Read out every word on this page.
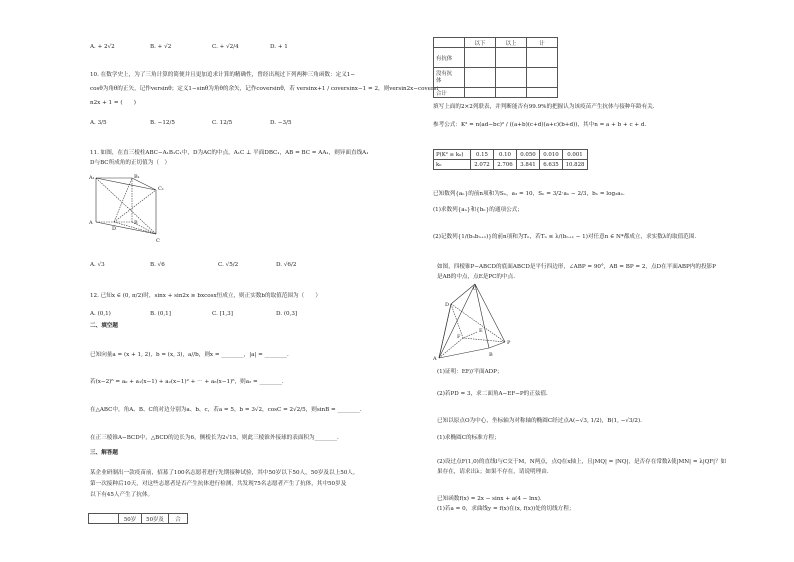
A. + 2√2	B. + √2	C. + √2/4	D. + 1
10. 在数学史上，为了三角计算的简便并且更加追求计算的精确性，曾经出现过下列两种三角函数：定义1−
cosθ为角θ的正矢，记作versinθ；定义1−sinθ为角θ的余矢，记作coversinθ，若 versinx+1 / coversinx−1 = 2，则versin2x−coversi
n2x + 1 = (　　)
A. 3/5	B. −12/5	C. 12/5	D. −3/5
11. 如图，在直三棱柱ABC−A₁B₁C₁中，D为AC的中点，A₁C ⊥ 平面DBC₁，AB = BC = AA₁，则异面直线A₁
D与BC所成角的正切值为（　）
A₁	B₁
C₁
A	B
C
D
A. √3	B. √6	C. √5/2	D. √6/2
12. 已知x ∈ (0, π/2)时，sinx + sin2x ≥ bxcosx恒成立，则正实数b的取值范围为（　　）
A. (0,1)	B. (0,1]	C. [1,3]	D. (0,3]
二、填空题
已知向量a = (x + 1, 2)，b = (x, 3)，a//b，则x = ________，|a| = ________.
若(x−2)⁶ = a₀ + a₁(x−1) + a₂(x−1)² + ⋯ + a₆(x−1)⁶，则a₂ = ________.
在△ABC中，角A、B、C的对边分别为a、b、c，若a = 5，b = 3√2，cosC = 2√2/5，则sinB = ________.
在正三棱锥A−BCD中，△BCD的边长为6，侧棱长为2√15，则此三棱锥外接球的表面积为________.
三、解答题
某企业研制出一款疫苗前，招募了100名志愿者进行先期接种试验，其中50岁以下50人，50岁及以上50人。
第一次接种后10天，对这些志愿者是否产生抗体进行检测，共发现75名志愿者产生了抗体，其中50岁及
以下有45人产生了抗体。
	50岁	50岁及	合
	以下	以上	计
有抗体			
没有抗
体			
合计			
填写上面的2×2列联表，并判断能否有99.9%的把握认为该疫苗产生抗体与接种年龄有关.
参考公式：K² = n(ad−bc)² / ((a+b)(c+d)(a+c)(b+d))，其中n = a + b + c + d.
P(K² ≥ k₀)	0.15	0.10	0.050	0.010	0.001
k₀	2.072	2.706	3.841	6.635	10.828
已知数列{aₙ}的前n项和为Sₙ，a₃ = 10，Sₙ = 3/2·aₙ − 2/3，bₙ = log₃aₙ.
(1)求数列{aₙ}和{bₙ}的通项公式；
(2)记数列{1/(bₙbₙ₊₁)}的前n项和为Tₙ，若Tₙ ≤ λ/(bₙ₊₁ − 1)对任意n ∈ N*都成立，求实数λ的取值范围.
如图，四棱锥P−ABCD的底面ABCD是平行四边形，∠ABP = 90°，AB = BP = 2，点D在平面ABP内的投影P
是AB的中点，点E是PC的中点.
D
C
E
A
F
B
P
(1)证明：EF//平面ADP；
(2)若PD = 3，求二面角A−EF−P的正弦值.
已知以原点O为中心，坐标轴为对称轴的椭圆C经过点A(−√3, 1/2)，B(1, −√3/2).
(1)求椭圆C的标准方程；
(2)设过点F(1,0)的直线l与C交于M，N两点，点Q在x轴上，且|MQ| = |NQ|，是否存在常数λ使|MN| = λ|QF|？如
果存在，请求出λ；如果不存在，请说明理由.
已知函数f(x) = 2x − sinx + a(4 − lnx).
(1)若a = 0，求曲线y = f(x)在(x, f(x))处的切线方程；
